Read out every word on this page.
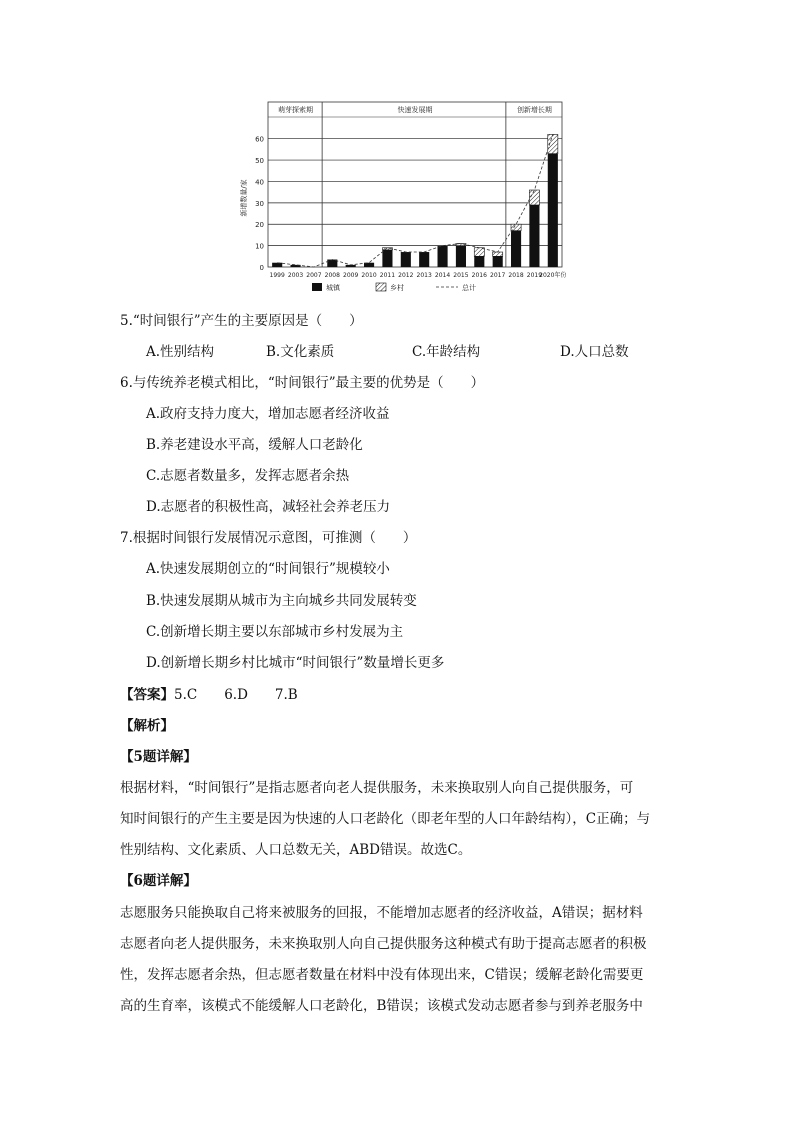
0
10
20
30
40
50
60
新增数量/家
萌芽探索期	快速发展期	创新增长期
1999 2003 2007 2008 2009 2010 2011 2012 2013 2014 2015 2016 2017 2018 2019
2020年份
城镇	乡村	总计
5.“时间银行”产生的主要原因是（　　）
A.性别结构	B.文化素质	C.年龄结构	D.人口总数
6.与传统养老模式相比，“时间银行”最主要的优势是（　　）
A.政府支持力度大，增加志愿者经济收益
B.养老建设水平高，缓解人口老龄化
C.志愿者数量多，发挥志愿者余热
D.志愿者的积极性高，减轻社会养老压力
7.根据时间银行发展情况示意图，可推测（　　）
A.快速发展期创立的“时间银行”规模较小
B.快速发展期从城市为主向城乡共同发展转变
C.创新增长期主要以东部城市乡村发展为主
D.创新增长期乡村比城市“时间银行”数量增长更多
【答案】5.C　　6.D　　7.B
【解析】
【5题详解】
根据材料，“时间银行”是指志愿者向老人提供服务，未来换取别人向自己提供服务，可
知时间银行的产生主要是因为快速的人口老龄化（即老年型的人口年龄结构），C正确；与
性别结构、文化素质、人口总数无关，ABD错误。故选C。
【6题详解】
志愿服务只能换取自己将来被服务的回报，不能增加志愿者的经济收益，A错误；据材料
志愿者向老人提供服务，未来换取别人向自己提供服务这种模式有助于提高志愿者的积极
性，发挥志愿者余热，但志愿者数量在材料中没有体现出来，C错误；缓解老龄化需要更
高的生育率，该模式不能缓解人口老龄化，B错误；该模式发动志愿者参与到养老服务中
